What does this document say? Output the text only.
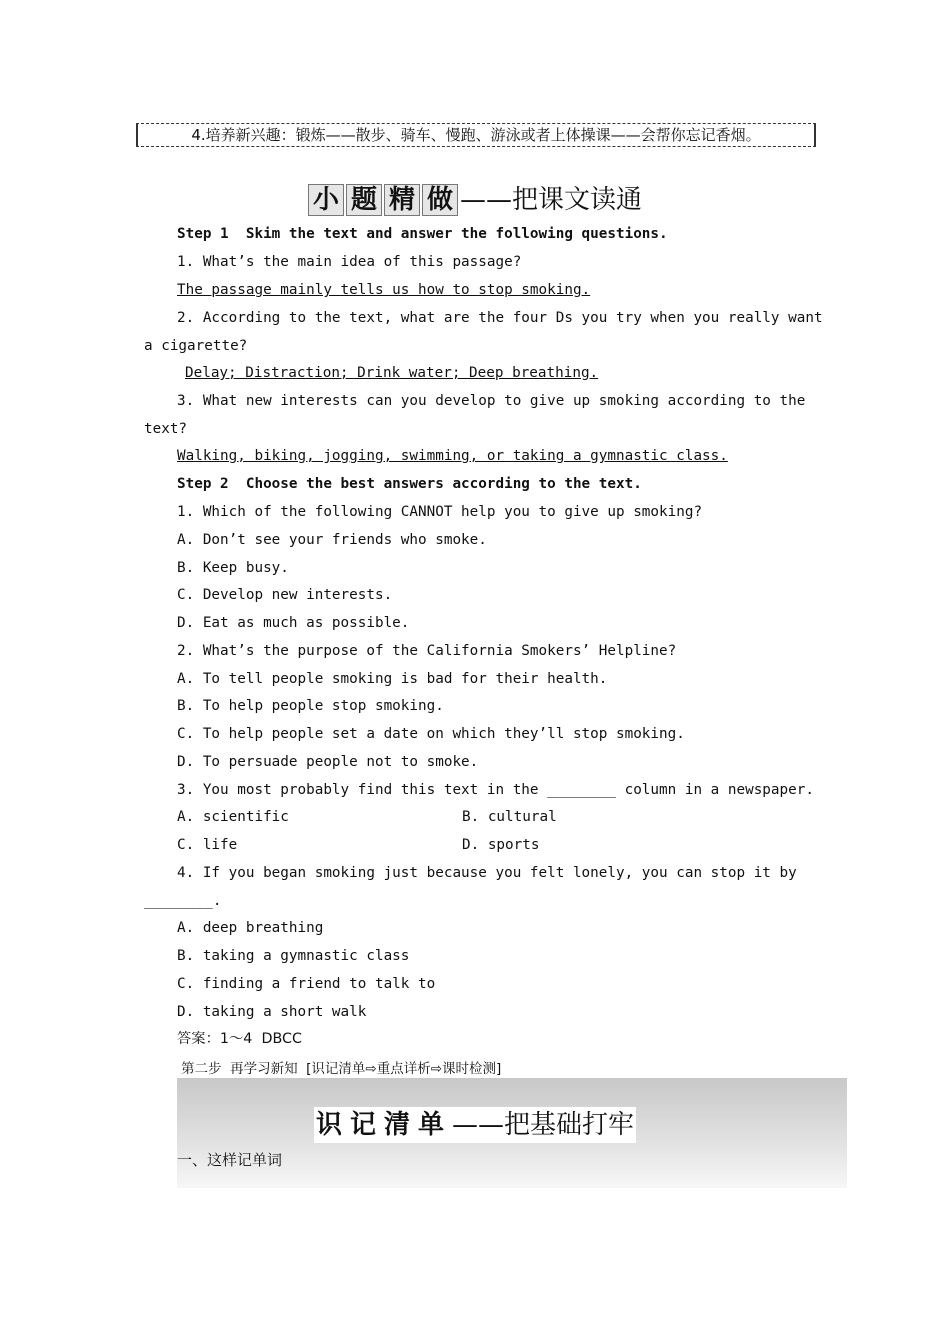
4.培养新兴趣：锻炼——散步、骑车、慢跑、游泳或者上体操课——会帮你忘记香烟。
小 题 精 做 ——把课文读通
Step 1  Skim the text and answer the following questions.
1. What’s the main idea of this passage?
The passage mainly tells us how to stop smoking.
2. According to the text, what are the four Ds you try when you really want
a cigarette?
Delay; Distraction; Drink water; Deep breathing.
3. What new interests can you develop to give up smoking according to the
text?
Walking, biking, jogging, swimming, or taking a gymnastic class.
Step 2  Choose the best answers according to the text.
1. Which of the following CANNOT help you to give up smoking?
A. Don’t see your friends who smoke.
B. Keep busy.
C. Develop new interests.
D. Eat as much as possible.
2. What’s the purpose of the California Smokers’ Helpline?
A. To tell people smoking is bad for their health.
B. To help people stop smoking.
C. To help people set a date on which they’ll stop smoking.
D. To persuade people not to smoke.
3. You most probably find this text in the ________ column in a newspaper.
A. scientific	B. cultural
C. life	D. sports
4. If you began smoking just because you felt lonely, you can stop it by
________.
A. deep breathing
B. taking a gymnastic class
C. finding a friend to talk to
D. taking a short walk
答案：1～4  DBCC
第二步  再学习新知  [识记清单⇨重点详析⇨课时检测]
识记清单——把基础打牢
一、这样记单词
